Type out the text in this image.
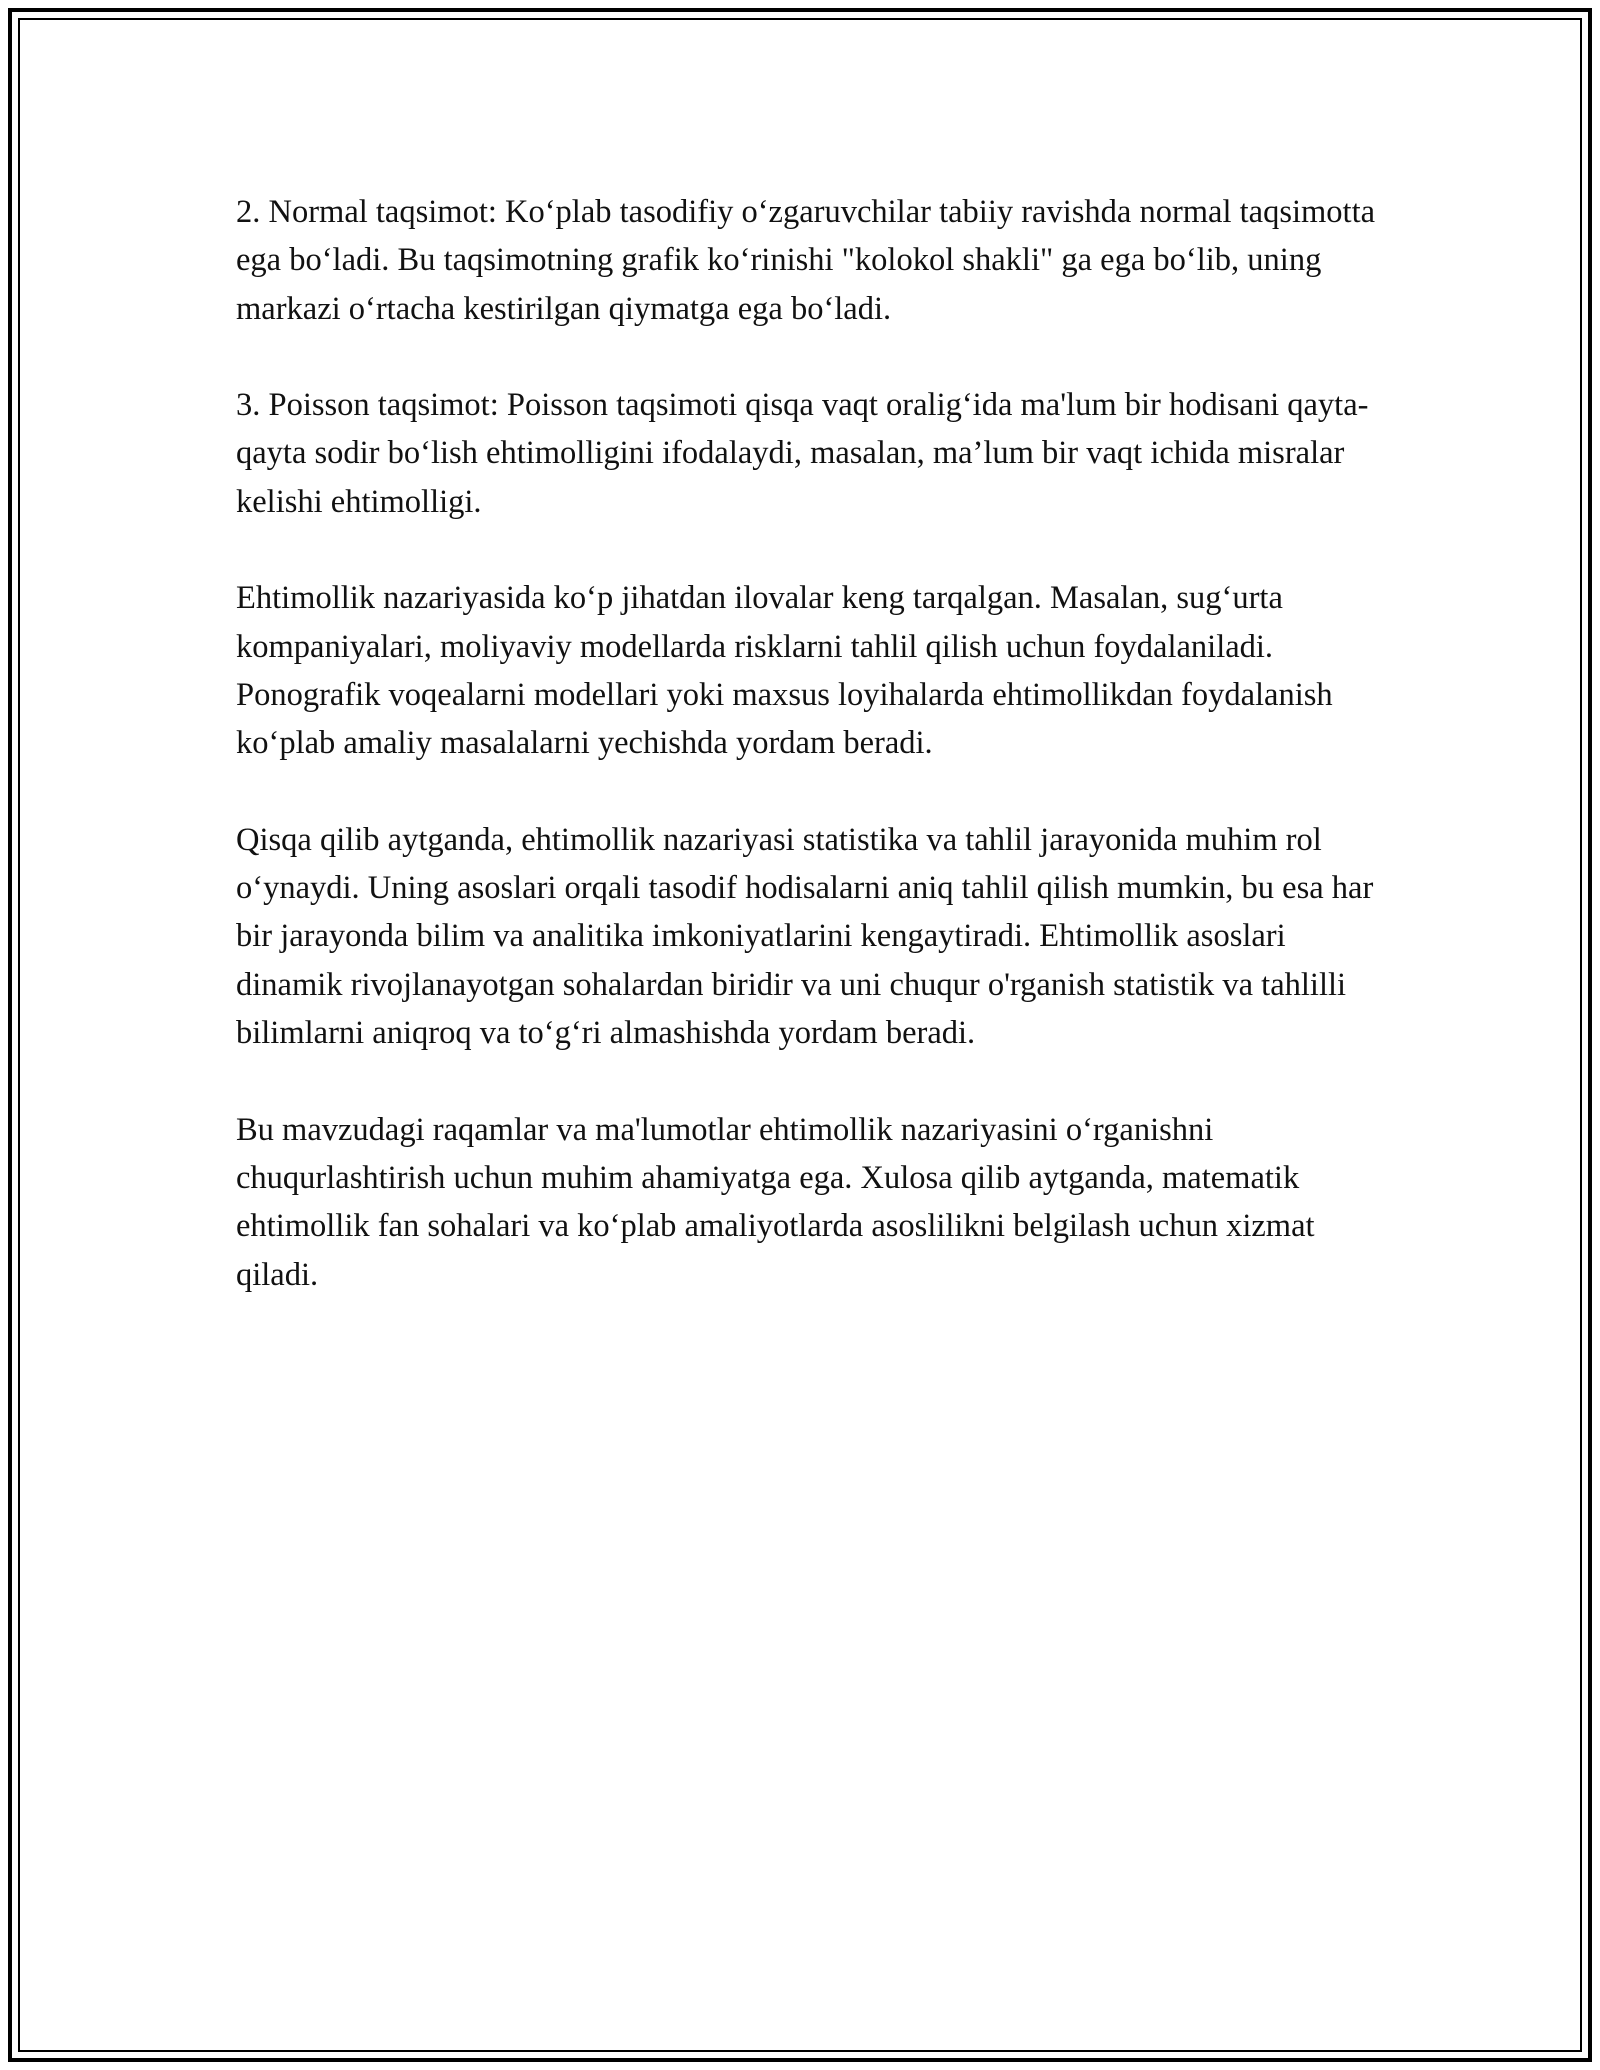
2. Normal taqsimot: Ko‘plab tasodifiy o‘zgaruvchilar tabiiy ravishda normal taqsimotta ega bo‘ladi. Bu taqsimotning grafik ko‘rinishi "kolokol shakli" ga ega bo‘lib, uning markazi o‘rtacha kestirilgan qiymatga ega bo‘ladi.

3. Poisson taqsimot: Poisson taqsimoti qisqa vaqt oralig‘ida ma'lum bir hodisani qayta-qayta sodir bo‘lish ehtimolligini ifodalaydi, masalan, ma’lum bir vaqt ichida misralar kelishi ehtimolligi.

Ehtimollik nazariyasida ko‘p jihatdan ilovalar keng tarqalgan. Masalan, sug‘urta kompaniyalari, moliyaviy modellarda risklarni tahlil qilish uchun foydalaniladi. Ponografik voqealarni modellari yoki maxsus loyihalarda ehtimollikdan foydalanish ko‘plab amaliy masalalarni yechishda yordam beradi.

Qisqa qilib aytganda, ehtimollik nazariyasi statistika va tahlil jarayonida muhim rol o‘ynaydi. Uning asoslari orqali tasodif hodisalarni aniq tahlil qilish mumkin, bu esa har bir jarayonda bilim va analitika imkoniyatlarini kengaytiradi. Ehtimollik asoslari dinamik rivojlanayotgan sohalardan biridir va uni chuqur o'rganish statistik va tahlilli bilimlarni aniqroq va to‘g‘ri almashishda yordam beradi.

Bu mavzudagi raqamlar va ma'lumotlar ehtimollik nazariyasini o‘rganishni chuqurlashtirish uchun muhim ahamiyatga ega. Xulosa qilib aytganda, matematik ehtimollik fan sohalari va ko‘plab amaliyotlarda asoslilikni belgilash uchun xizmat qiladi.
